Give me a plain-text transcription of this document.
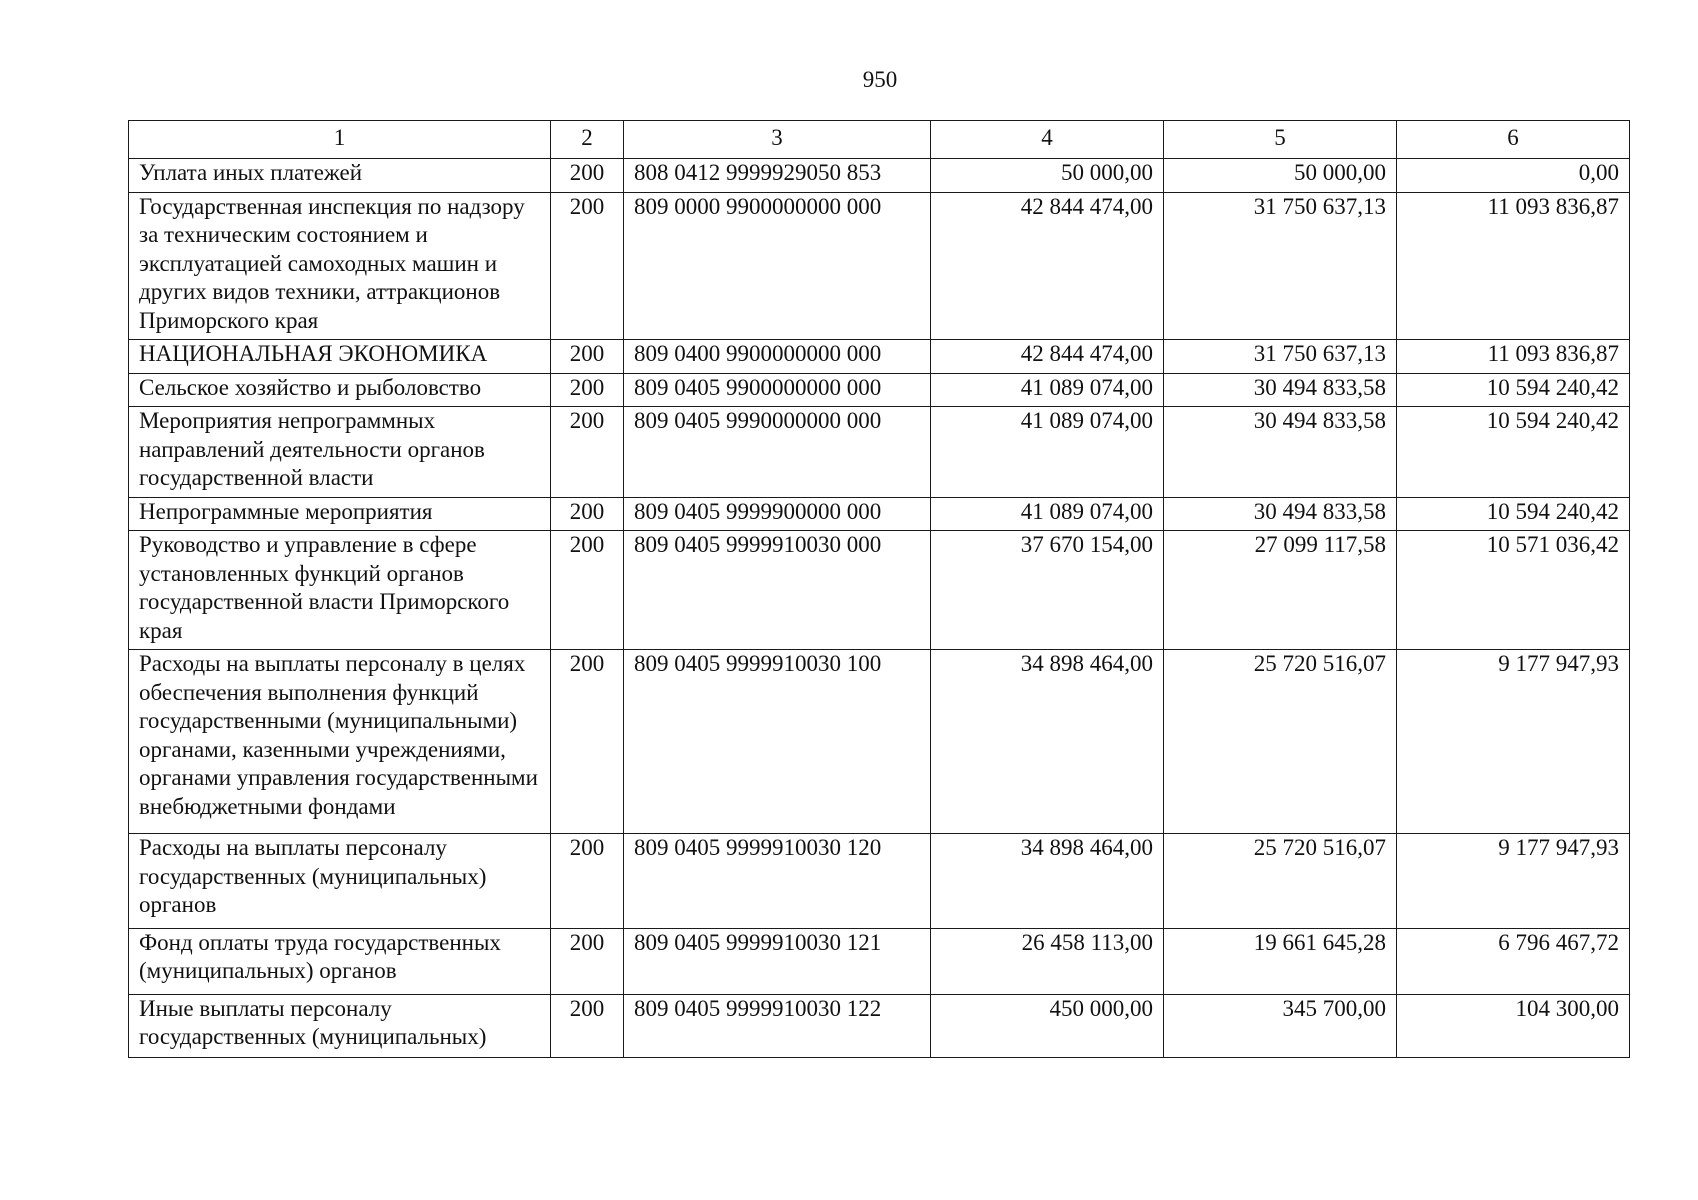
950
1	2	3	4	5	6
Уплата иных платежей	200	808 0412 9999929050 853	50 000,00	50 000,00	0,00
Государственная инспекция по надзору за техническим состоянием и эксплуатацией самоходных машин и других видов техники, аттракционов Приморского края	200	809 0000 9900000000 000	42 844 474,00	31 750 637,13	11 093 836,87
НАЦИОНАЛЬНАЯ ЭКОНОМИКА	200	809 0400 9900000000 000	42 844 474,00	31 750 637,13	11 093 836,87
Сельское хозяйство и рыболовство	200	809 0405 9900000000 000	41 089 074,00	30 494 833,58	10 594 240,42
Мероприятия непрограммных направлений деятельности органов государственной власти	200	809 0405 9990000000 000	41 089 074,00	30 494 833,58	10 594 240,42
Непрограммные мероприятия	200	809 0405 9999900000 000	41 089 074,00	30 494 833,58	10 594 240,42
Руководство и управление в сфере установленных функций органов государственной власти Приморского края	200	809 0405 9999910030 000	37 670 154,00	27 099 117,58	10 571 036,42
Расходы на выплаты персоналу в целях обеспечения выполнения функций государственными (муниципальными) органами, казенными учреждениями, органами управления государственными внебюджетными фондами	200	809 0405 9999910030 100	34 898 464,00	25 720 516,07	9 177 947,93
Расходы на выплаты персоналу государственных (муниципальных) органов	200	809 0405 9999910030 120	34 898 464,00	25 720 516,07	9 177 947,93
Фонд оплаты труда государственных (муниципальных) органов	200	809 0405 9999910030 121	26 458 113,00	19 661 645,28	6 796 467,72
Иные выплаты персоналу государственных (муниципальных)	200	809 0405 9999910030 122	450 000,00	345 700,00	104 300,00
